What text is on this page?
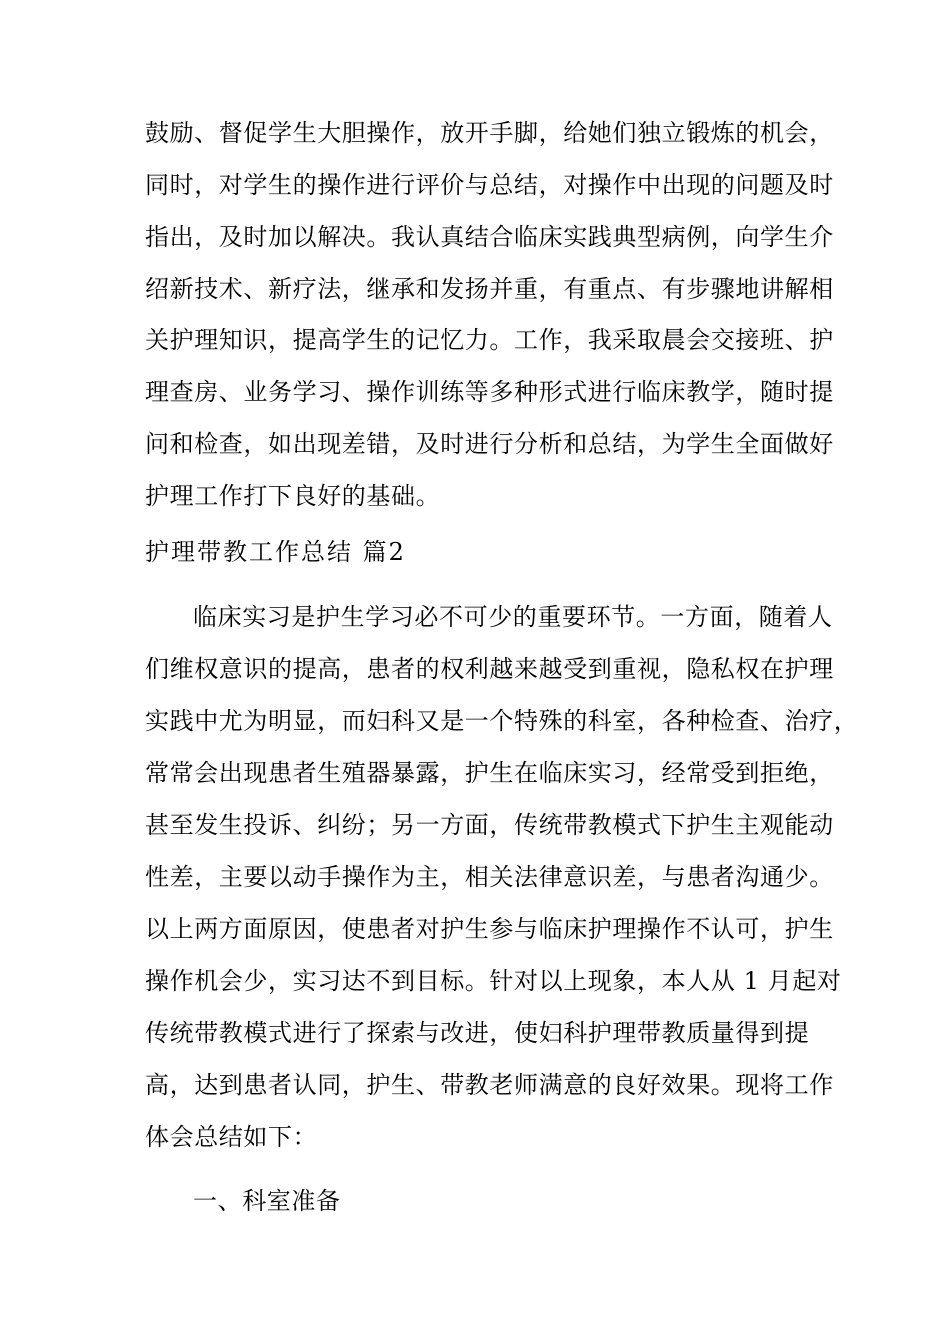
鼓励、督促学生大胆操作，放开手脚，给她们独立锻炼的机会，
同时，对学生的操作进行评价与总结，对操作中出现的问题及时
指出，及时加以解决。我认真结合临床实践典型病例，向学生介
绍新技术、新疗法，继承和发扬并重，有重点、有步骤地讲解相
关护理知识，提高学生的记忆力。工作，我采取晨会交接班、护
理查房、业务学习、操作训练等多种形式进行临床教学，随时提
问和检查，如出现差错，及时进行分析和总结，为学生全面做好
护理工作打下良好的基础。
护理带教工作总结 篇2
临床实习是护生学习必不可少的重要环节。一方面，随着人
们维权意识的提高，患者的权利越来越受到重视，隐私权在护理
实践中尤为明显，而妇科又是一个特殊的科室，各种检查、治疗，
常常会出现患者生殖器暴露，护生在临床实习，经常受到拒绝，
甚至发生投诉、纠纷；另一方面，传统带教模式下护生主观能动
性差，主要以动手操作为主，相关法律意识差，与患者沟通少。
以上两方面原因，使患者对护生参与临床护理操作不认可，护生
操作机会少，实习达不到目标。针对以上现象，本人从 1 月起对
传统带教模式进行了探索与改进，使妇科护理带教质量得到提
高，达到患者认同，护生、带教老师满意的良好效果。现将工作
体会总结如下：
一、科室准备
